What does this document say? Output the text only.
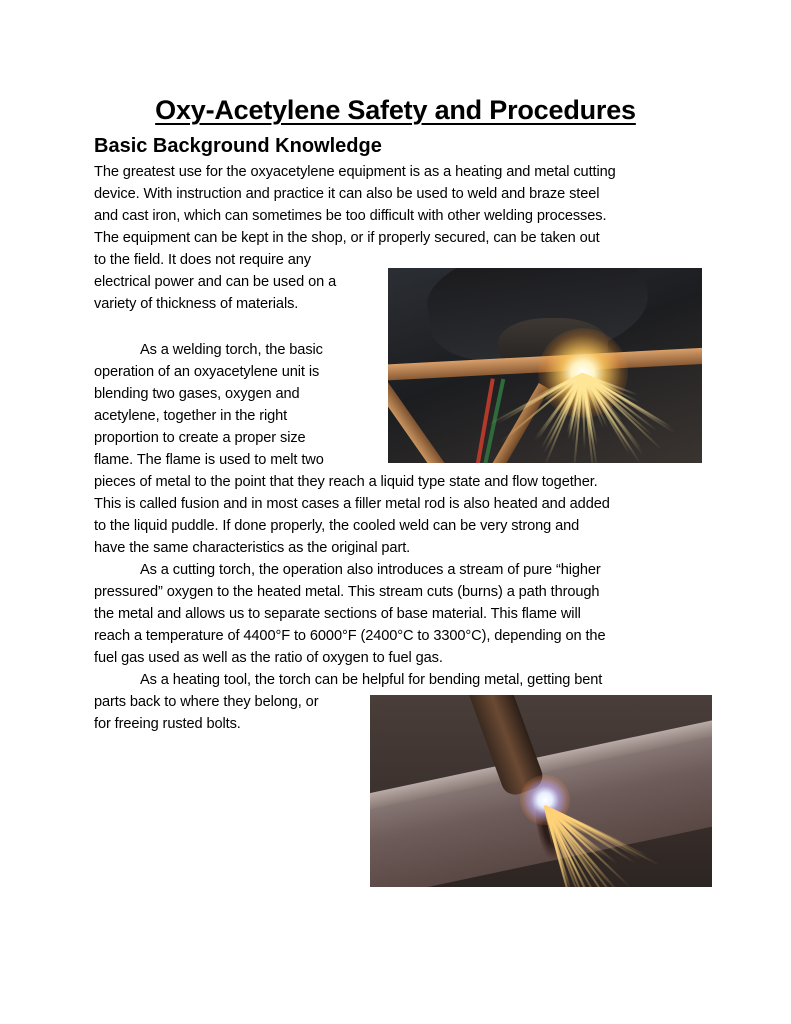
Oxy-Acetylene Safety and Procedures
Basic Background Knowledge
The greatest use for the oxyacetylene equipment is as a heating and metal cutting
device. With instruction and practice it can also be used to weld and braze steel
and cast iron, which can sometimes be too difficult with other welding processes.
The equipment can be kept in the shop, or if properly secured, can be taken out
to the field. It does not require any
electrical power and can be used on a
variety of thickness of materials.
As a welding torch, the basic
operation of an oxyacetylene unit is
blending two gases, oxygen and
acetylene, together in the right
proportion to create a proper size
flame. The flame is used to melt two
pieces of metal to the point that they reach a liquid type state and flow together.
This is called fusion and in most cases a filler metal rod is also heated and added
to the liquid puddle. If done properly, the cooled weld can be very strong and
have the same characteristics as the original part.
As a cutting torch, the operation also introduces a stream of pure “higher
pressured” oxygen to the heated metal. This stream cuts (burns) a path through
the metal and allows us to separate sections of base material. This flame will
reach a temperature of 4400°F to 6000°F (2400°C to 3300°C), depending on the
fuel gas used as well as the ratio of oxygen to fuel gas.
As a heating tool, the torch can be helpful for bending metal, getting bent
parts back to where they belong, or
for freeing rusted bolts.
